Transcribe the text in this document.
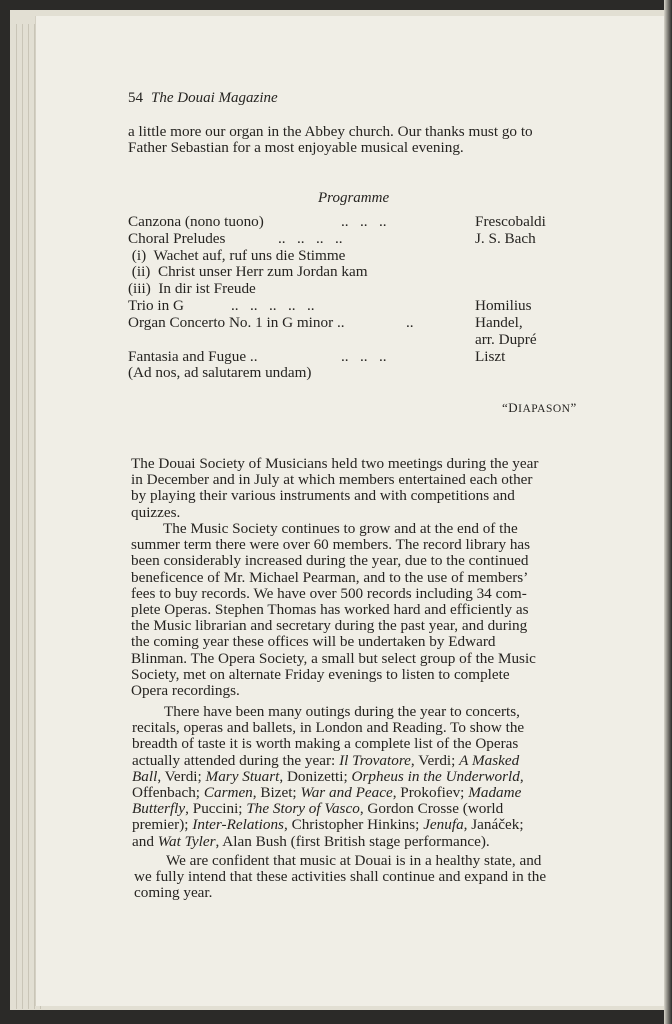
54 The Douai Magazine
a little more our organ in the Abbey church. Our thanks must go to
Father Sebastian for a most enjoyable musical evening.
Programme
Canzona (nono tuono)	..   ..   ..	Frescobaldi
Choral Preludes	..   ..   ..   ..	J. S. Bach
(i)  Wachet auf, ruf uns die Stimme
(ii)  Christ unser Herr zum Jordan kam
(iii)  In dir ist Freude
Trio in G	..   ..   ..   ..   ..	Homilius
Organ Concerto No. 1 in G minor ..	..	Handel,
arr. Dupré
Fantasia and Fugue ..	..   ..   ..	Liszt
(Ad nos, ad salutarem undam)
“DIAPASON”
The Douai Society of Musicians held two meetings during the year
in December and in July at which members entertained each other
by playing their various instruments and with competitions and
quizzes.
The Music Society continues to grow and at the end of the
summer term there were over 60 members. The record library has
been considerably increased during the year, due to the continued
beneficence of Mr. Michael Pearman, and to the use of members’
fees to buy records. We have over 500 records including 34 com-
plete Operas. Stephen Thomas has worked hard and efficiently as
the Music librarian and secretary during the past year, and during
the coming year these offices will be undertaken by Edward
Blinman. The Opera Society, a small but select group of the Music
Society, met on alternate Friday evenings to listen to complete
Opera recordings.
There have been many outings during the year to concerts,
recitals, operas and ballets, in London and Reading. To show the
breadth of taste it is worth making a complete list of the Operas
actually attended during the year: Il Trovatore, Verdi; A Masked
Ball, Verdi; Mary Stuart, Donizetti; Orpheus in the Underworld,
Offenbach; Carmen, Bizet; War and Peace, Prokofiev; Madame
Butterfly, Puccini; The Story of Vasco, Gordon Crosse (world
premier); Inter-Relations, Christopher Hinkins; Jenufa, Janáček;
and Wat Tyler, Alan Bush (first British stage performance).
We are confident that music at Douai is in a healthy state, and
we fully intend that these activities shall continue and expand in the
coming year.
